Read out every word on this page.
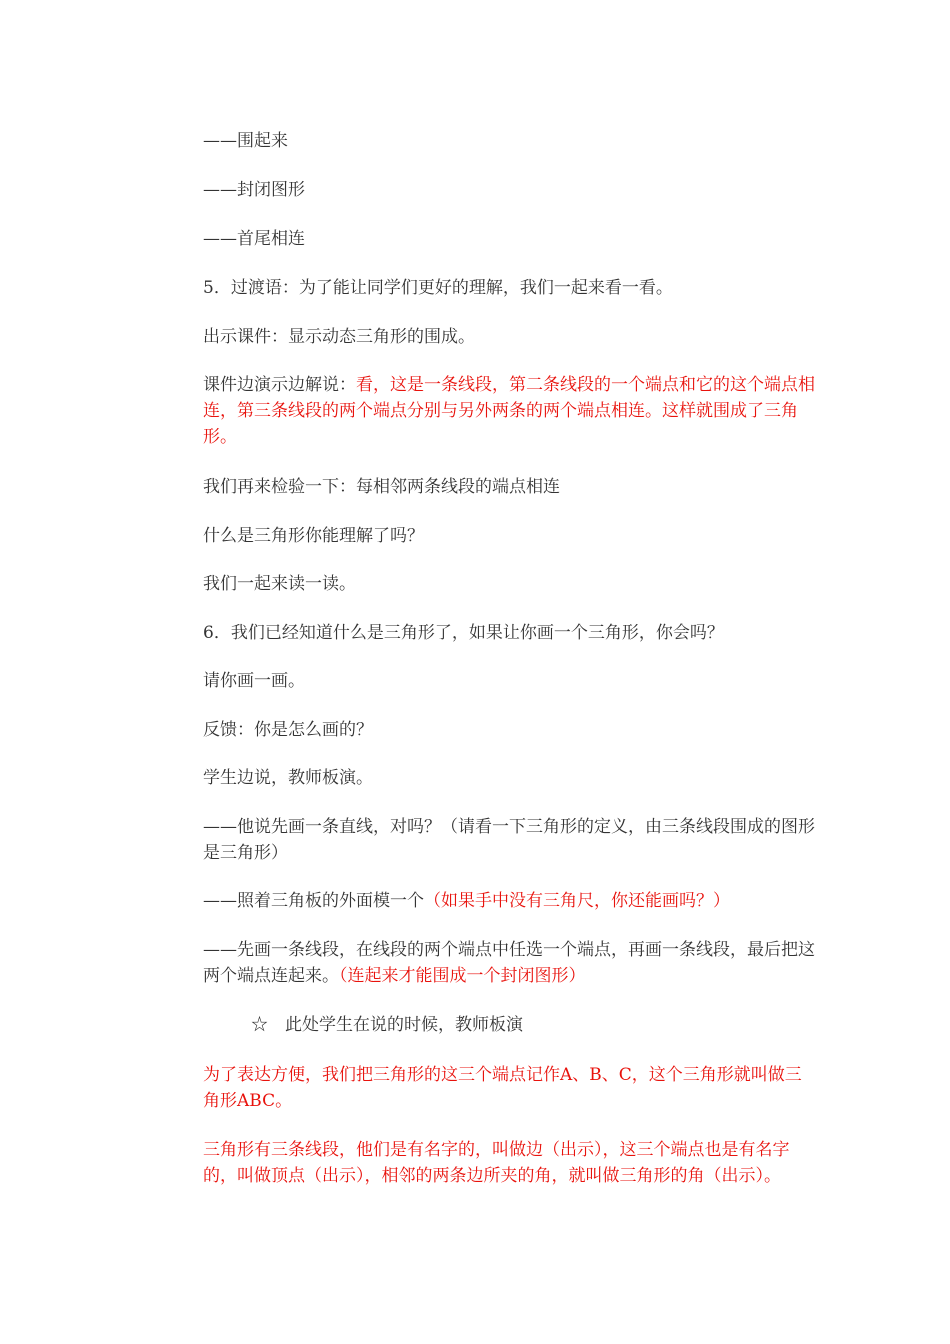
——围起来

——封闭图形

——首尾相连

5．过渡语：为了能让同学们更好的理解，我们一起来看一看。

出示课件：显示动态三角形的围成。

课件边演示边解说：看，这是一条线段，第二条线段的一个端点和它的这个端点相连，第三条线段的两个端点分别与另外两条的两个端点相连。这样就围成了三角形。

我们再来检验一下：每相邻两条线段的端点相连

什么是三角形你能理解了吗？

我们一起来读一读。

6．我们已经知道什么是三角形了，如果让你画一个三角形，你会吗？

请你画一画。

反馈：你是怎么画的？

学生边说，教师板演。

——他说先画一条直线，对吗？（请看一下三角形的定义，由三条线段围成的图形是三角形）

——照着三角板的外面模一个（如果手中没有三角尺，你还能画吗？）

——先画一条线段，在线段的两个端点中任选一个端点，再画一条线段，最后把这两个端点连起来。（连起来才能围成一个封闭图形）

☆　此处学生在说的时候，教师板演

为了表达方便，我们把三角形的这三个端点记作A、B、C，这个三角形就叫做三角形ABC。

三角形有三条线段，他们是有名字的，叫做边（出示），这三个端点也是有名字的，叫做顶点（出示），相邻的两条边所夹的角，就叫做三角形的角（出示）。
